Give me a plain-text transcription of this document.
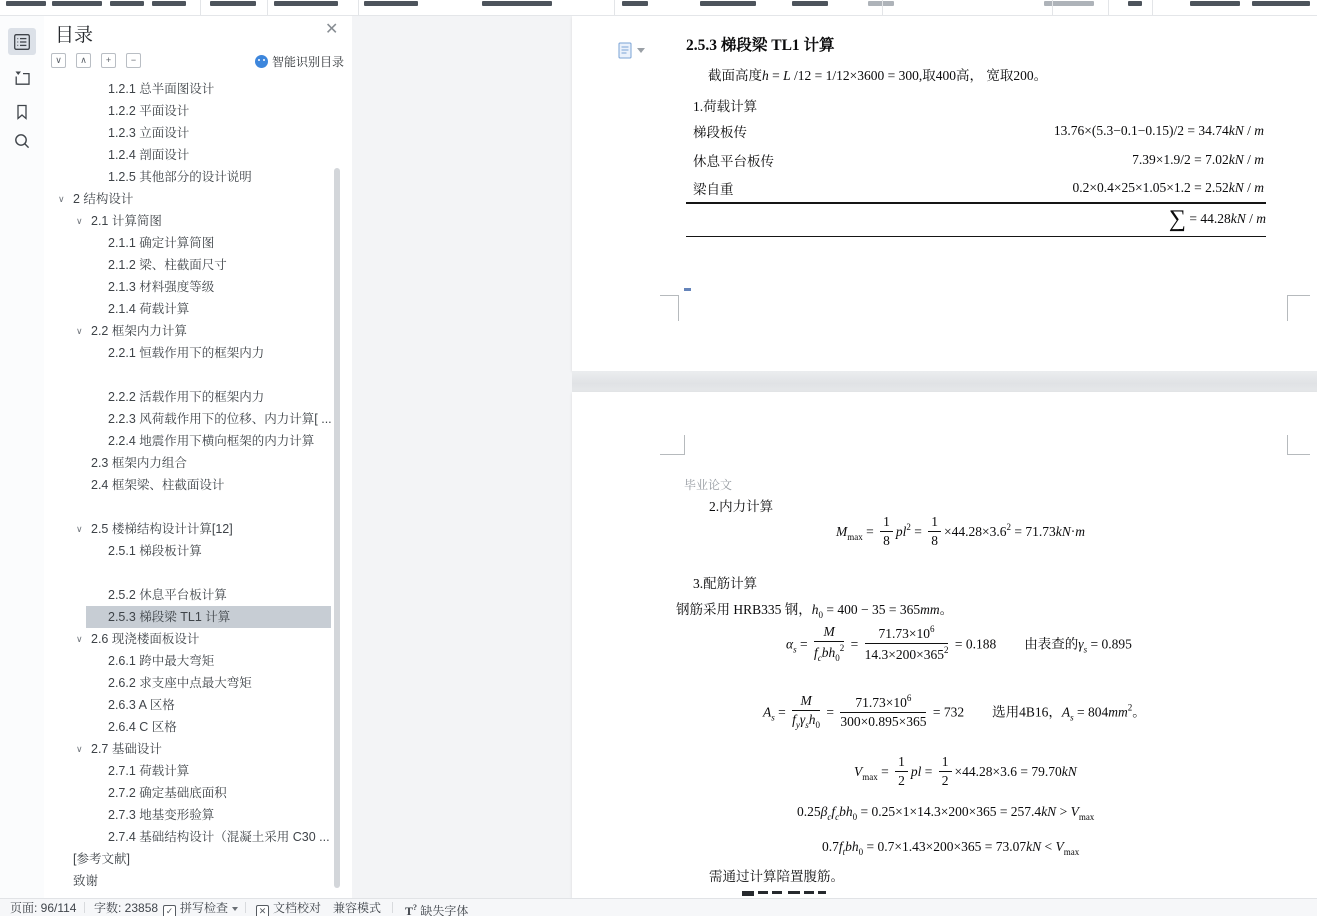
目录	✕
∨	∧	+	−	智能识别目录
1.2.1 总半面图设计
1.2.2 平面设计
1.2.3 立面设计
1.2.4 剖面设计
1.2.5 其他部分的设计说明
∨ 2 结构设计
∨ 2.1 计算简图
2.1.1 确定计算简图
2.1.2 梁、柱截面尺寸
2.1.3 材料强度等级
2.1.4 荷载计算
∨ 2.2 框架内力计算
2.2.1 恒载作用下的框架内力
2.2.2 活载作用下的框架内力
2.2.3 风荷载作用下的位移、内力计算[ ...
2.2.4 地震作用下横向框架的内力计算
2.3 框架内力组合
2.4 框架梁、柱截面设计
∨ 2.5 楼梯结构设计计算[12]
2.5.1 梯段板计算
2.5.2 休息平台板计算
2.5.3 梯段梁 TL1 计算
∨ 2.6 现浇楼面板设计
2.6.1 跨中最大弯矩
2.6.2 求支座中点最大弯矩
2.6.3 A 区格
2.6.4 C 区格
∨ 2.7 基础设计
2.7.1 荷载计算
2.7.2 确定基础底面积
2.7.3 地基变形验算
2.7.4 基础结构设计（混凝土采用 C30 ...
[参考文献]
致谢
2.5.3 梯段梁 TL1 计算
截面高度h = L /12 = 1/12×3600 = 300,取400高， 宽取200。
1.荷载计算
梯段板传	13.76×(5.3−0.1−0.15)/2 = 34.74kN / m
休息平台板传	7.39×1.9/2 = 7.02kN / m
梁自重	0.2×0.4×25×1.05×1.2 = 2.52kN / m
∑ = 44.28kN / m
毕业论文
2.内力计算
$M_{max} = \frac{1}{8} pl^2 = \frac{1}{8} \times 44.28\times 3.6^2 = 71.73kN\cdot m$
3.配筋计算
钢筋采用 HRB335 钢，$h_0 = 400 - 35 = 365mm$。
$\alpha_s = \frac{M}{f_cbh_0^2} = \frac{71.73\times 10^6}{14.3\times 200\times 365^2} = 0.188$ 由表查的$\gamma_s = 0.895$
$A_s = \frac{M}{f_y\gamma_sh_0} = \frac{71.73\times 10^6}{300\times 0.895\times 365} = 732$ 选用4B16，$A_s = 804mm^2$。
$V_{max} = \frac{1}{2}$ pl = $\frac{1}{2} \times 44.28\times 3.6 = 79.70kN$
$0.25\beta_cf_cbh_0 = 0.25\times 1\times 14.3\times 200\times 365 = 257.4kN > V_{max}$
$0.7f_tbh_0 = 0.7\times 1.43\times 200\times 365 = 73.07kN < V_{max}$
需通过计算陪置腹筋。
页面: 96/114 字数: 23858 ✓ 拼写检查	✕ 文档校对 兼容模式 T? 缺失字体
